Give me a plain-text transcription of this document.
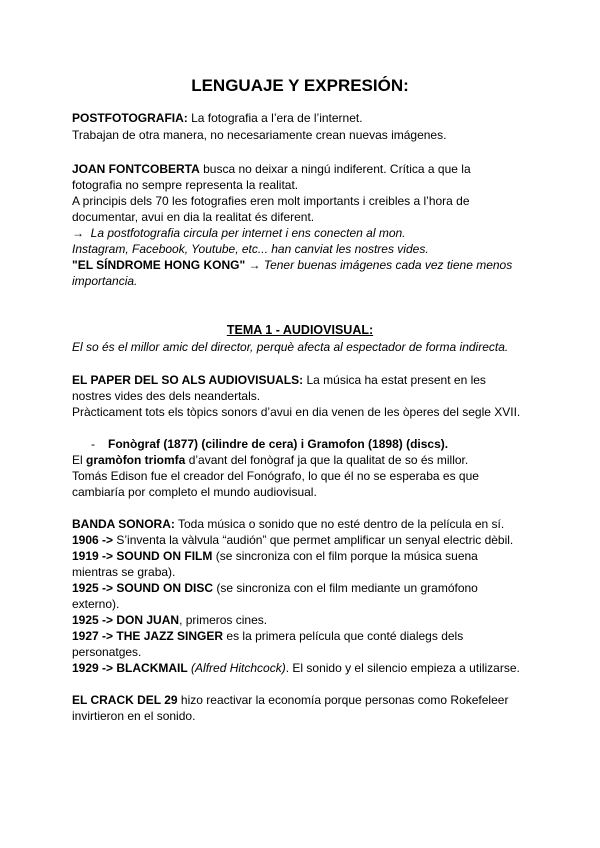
LENGUAJE Y EXPRESIÓN:
POSTFOTOGRAFIA: La fotografia a l’era de l’internet.
Trabajan de otra manera, no necesariamente crean nuevas imágenes.
JOAN FONTCOBERTA busca no deixar a ningú indiferent. Crítica a que la
fotografia no sempre representa la realitat.
A principis dels 70 les fotografies eren molt importants i creibles a l’hora de
documentar, avui en dia la realitat és diferent.
→ La postfotografia circula per internet i ens conecten al mon.
Instagram, Facebook, Youtube, etc... han canviat les nostres vides.
"EL SÍNDROME HONG KONG" → Tener buenas imágenes cada vez tiene menos
importancia.
TEMA 1 - AUDIOVISUAL:
El so és el millor amic del director, perquè afecta al espectador de forma indirecta.
EL PAPER DEL SO ALS AUDIOVISUALS: La música ha estat present en les
nostres vides des dels neandertals.
Pràcticament tots els tòpics sonors d’avui en dia venen de les òperes del segle XVII.
- Fonògraf (1877) (cilindre de cera) i Gramofon (1898) (discs).
El gramòfon triomfa d’avant del fonògraf ja que la qualitat de so és millor.
Tomás Edison fue el creador del Fonógrafo, lo que él no se esperaba es que
cambiaría por completo el mundo audiovisual.
BANDA SONORA: Toda música o sonido que no esté dentro de la película en sí.
1906 -> S’inventa la vàlvula “audión” que permet amplificar un senyal electric dèbil.
1919 -> SOUND ON FILM (se sincroniza con el film porque la música suena
mientras se graba).
1925 -> SOUND ON DISC (se sincroniza con el film mediante un gramófono
externo).
1925 -> DON JUAN, primeros cines.
1927 -> THE JAZZ SINGER es la primera película que conté dialegs dels
personatges.
1929 -> BLACKMAIL (Alfred Hitchcock). El sonido y el silencio empieza a utilizarse.
EL CRACK DEL 29 hizo reactivar la economía porque personas como Rokefeleer
invirtieron en el sonido.
